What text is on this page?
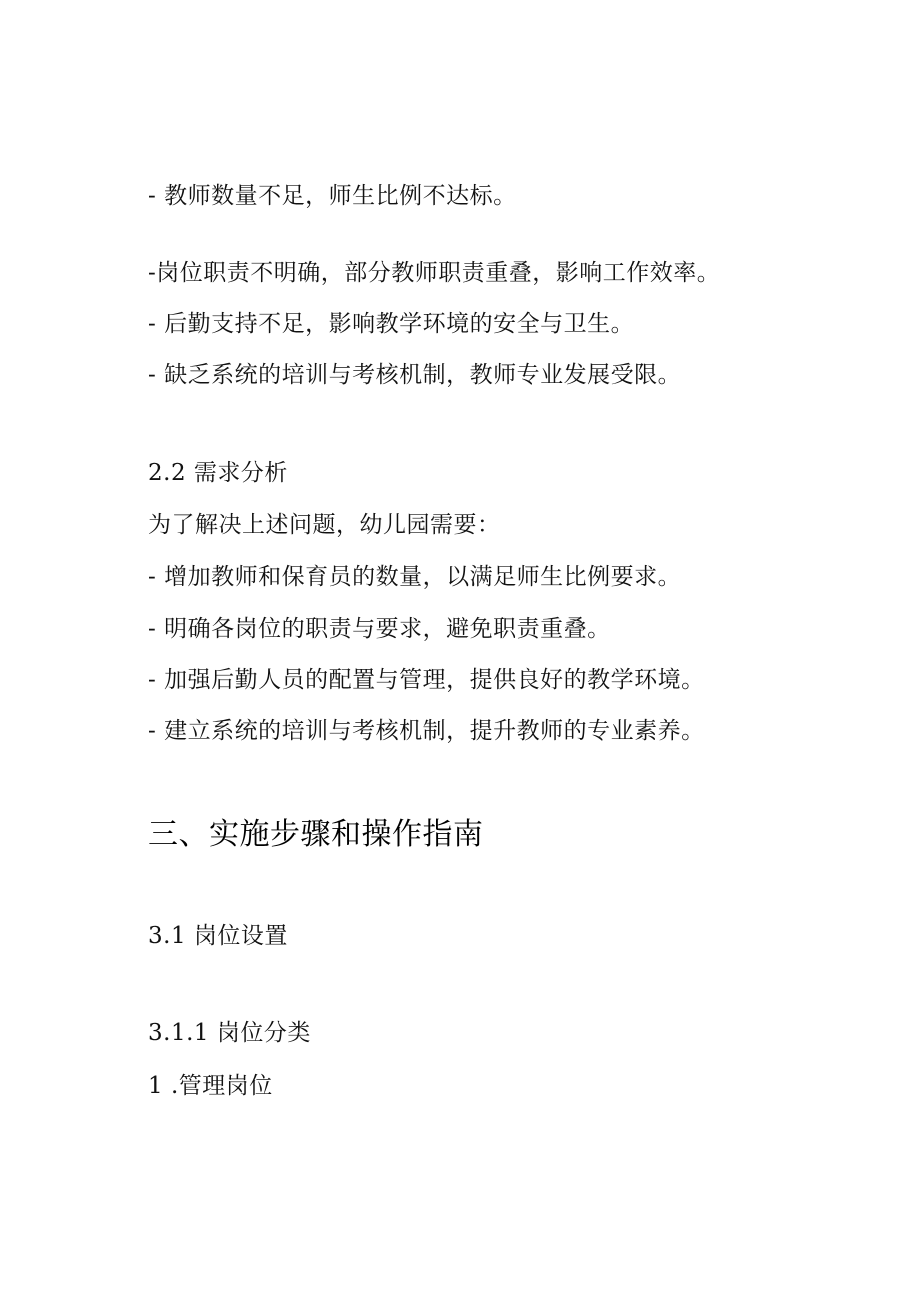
- 教师数量不足，师生比例不达标。
-岗位职责不明确，部分教师职责重叠，影响工作效率。
- 后勤支持不足，影响教学环境的安全与卫生。
- 缺乏系统的培训与考核机制，教师专业发展受限。
2.2 需求分析
为了解决上述问题，幼儿园需要：
- 增加教师和保育员的数量，以满足师生比例要求。
- 明确各岗位的职责与要求，避免职责重叠。
- 加强后勤人员的配置与管理，提供良好的教学环境。
- 建立系统的培训与考核机制，提升教师的专业素养。
三、实施步骤和操作指南
3.1 岗位设置
3.1.1 岗位分类
1 .管理岗位
